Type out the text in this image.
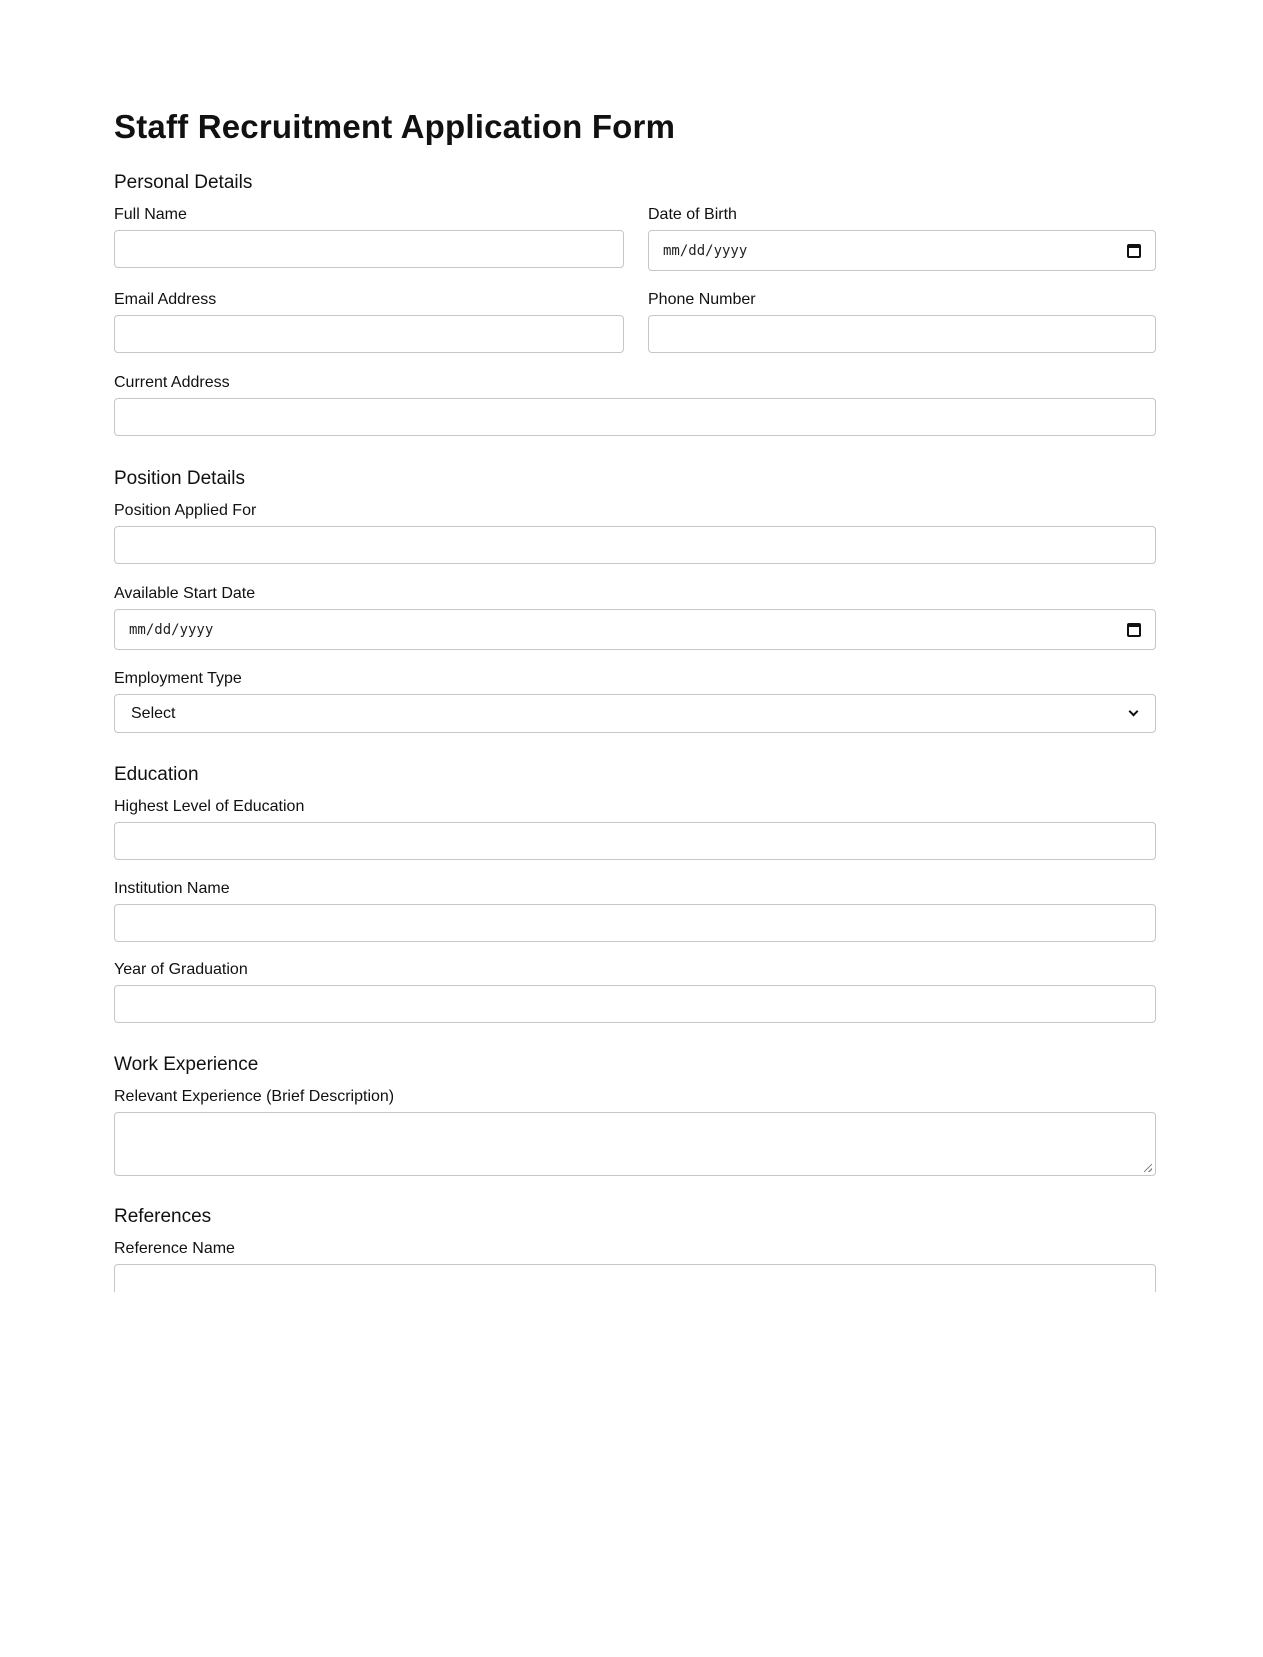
Staff Recruitment Application Form
Personal Details
Full Name	Date of Birth
mm/dd/yyyy
Email Address	Phone Number
Current Address
Position Details
Position Applied For
Available Start Date
mm/dd/yyyy
Employment Type
Select
Education
Highest Level of Education
Institution Name
Year of Graduation
Work Experience
Relevant Experience (Brief Description)
References
Reference Name
